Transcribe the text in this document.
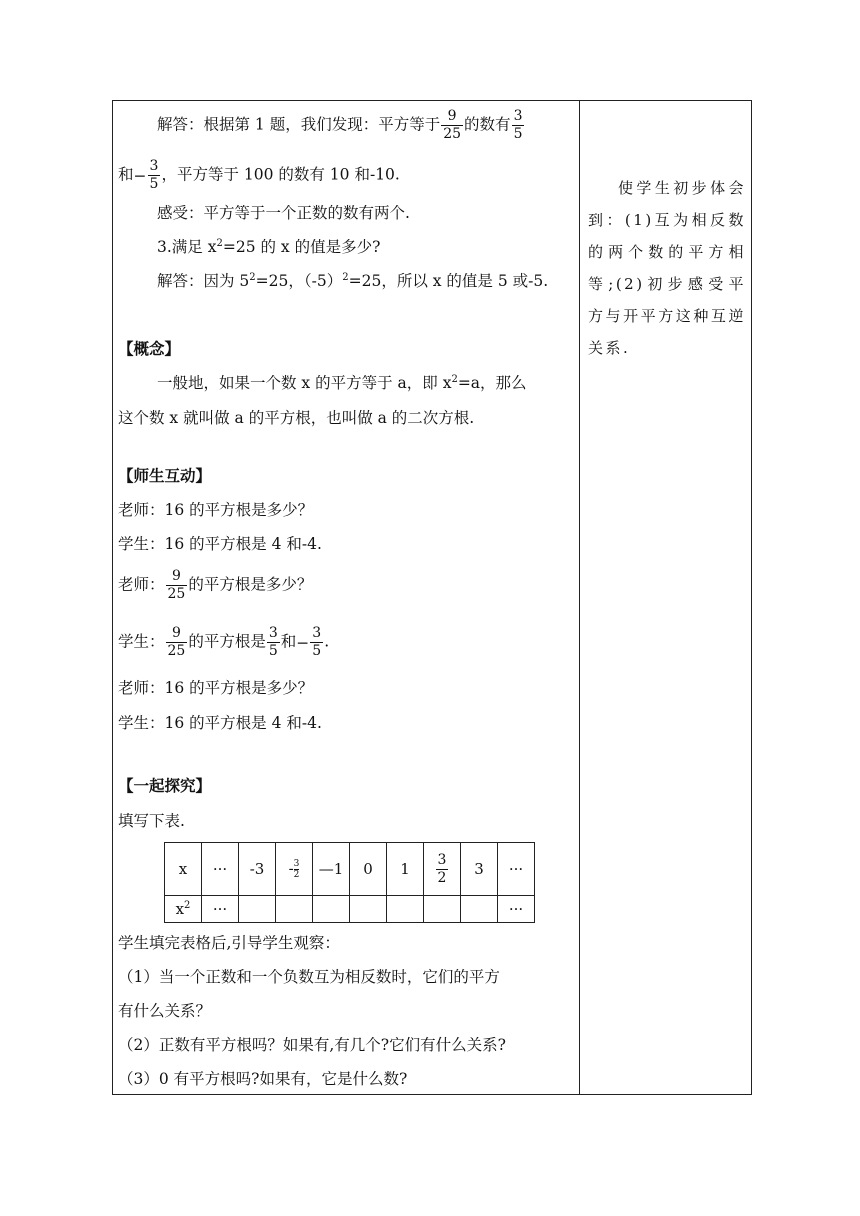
解答：根据第 1 题，我们发现：平方等于 $\frac{9}{25}$ 的数有 $\frac{3}{5}$
和− $\frac{3}{5}$ ，平方等于 100 的数有 10 和-10.
感受：平方等于一个正数的数有两个.
3.满足 $x^2=25$ 的 x 的值是多少?
解答：因为 $5^2=25$，$(-5)^2=25$，所以 x 的值是 5 或-5.
【概念】
一般地，如果一个数 x 的平方等于 a，即 $x^2=a$，那么
这个数 x 就叫做 a 的平方根，也叫做 a 的二次方根.
【师生互动】
老师：16 的平方根是多少？
学生：16 的平方根是 4 和-4.
老师： $\frac{9}{25}$ 的平方根是多少？
学生： $\frac{9}{25}$ 的平方根是 $\frac{3}{5}$ 和− $\frac{3}{5}$ .
老师：16 的平方根是多少？
学生：16 的平方根是 4 和-4.
【一起探究】
填写下表.
x	···	-3	$-\frac{3}{2}$	—1	0	1	$\frac{3}{2}$	3	···
$x^2$	···								···
学生填完表格后,引导学生观察：
（1）当一个正数和一个负数互为相反数时，它们的平方
有什么关系？
（2）正数有平方根吗？如果有,有几个?它们有什么关系?
（3）0 有平方根吗?如果有，它是什么数?

使学生初步体会到：(1)互为相反数的两个数的平方相等;(2)初步感受平方与开平方这种互逆关系.
